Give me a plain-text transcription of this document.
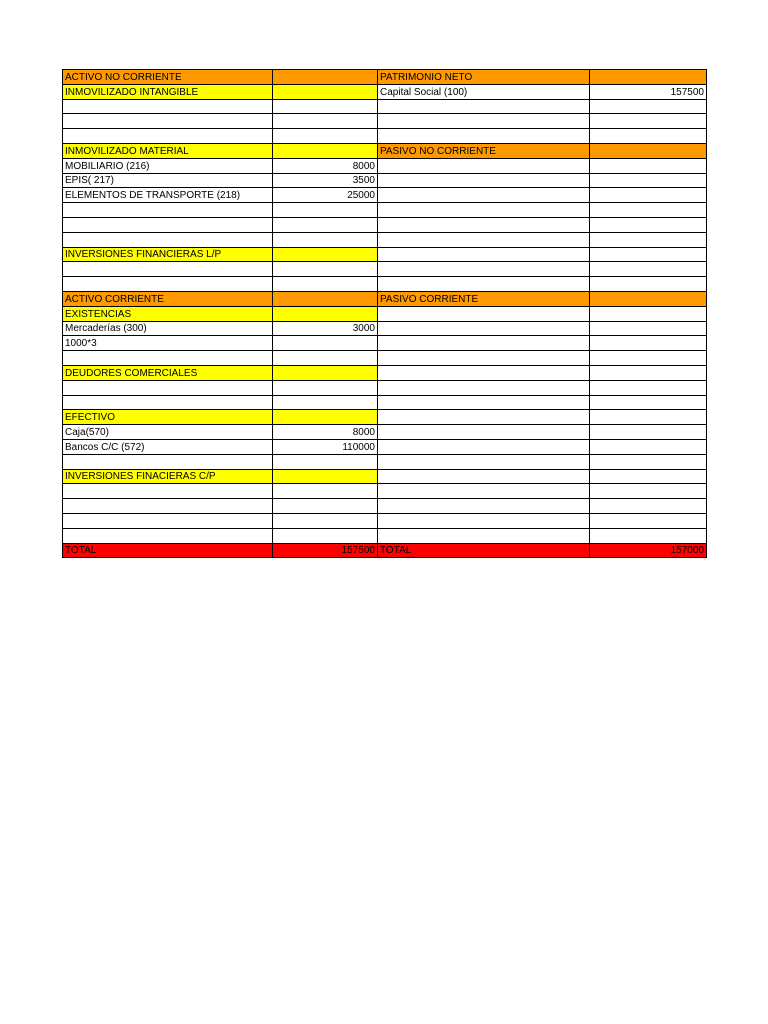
ACTIVO NO CORRIENTE		PATRIMONIO NETO	
INMOVILIZADO INTANGIBLE		Capital Social (100)	157500

INMOVILIZADO MATERIAL		PASIVO NO CORRIENTE	
MOBILIARIO (216)	8000		
EPIS( 217)	3500		
ELEMENTOS DE TRANSPORTE (218)	25000		

INVERSIONES FINANCIERAS L/P			

ACTIVO CORRIENTE		PASIVO CORRIENTE	
EXISTENCIAS			
Mercaderías (300)	3000		
1000*3			

DEUDORES COMERCIALES			

EFECTIVO			
Caja(570)	8000		
Bancos C/C (572)	110000		

INVERSIONES FINACIERAS C/P			

TOTAL	157500	TOTAL	157000
